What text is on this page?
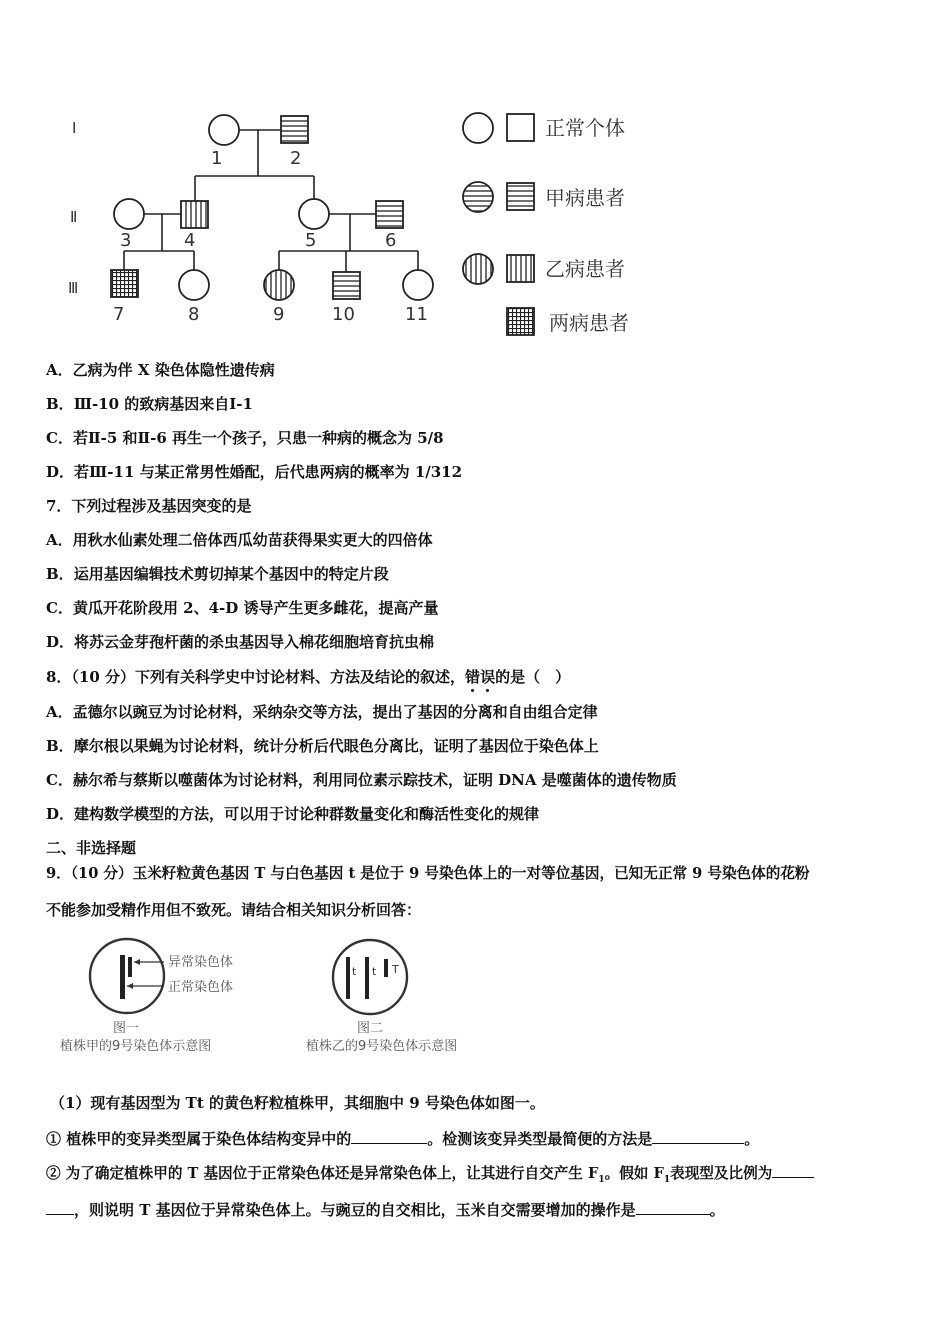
Ⅰ
Ⅱ
Ⅲ
1	2
3	4	5	6
7	8	9	10	11
正常个体
甲病患者
乙病患者
两病患者
A．乙病为伴 X 染色体隐性遗传病
B．Ⅲ-10 的致病基因来自Ⅰ-1
C．若Ⅱ-5 和Ⅱ-6 再生一个孩子，只患一种病的概念为 5/8
D．若Ⅲ-11 与某正常男性婚配，后代患两病的概率为 1/312
7．下列过程涉及基因突变的是
A．用秋水仙素处理二倍体西瓜幼苗获得果实更大的四倍体
B．运用基因编辑技术剪切掉某个基因中的特定片段
C．黄瓜开花阶段用 2、4-D 诱导产生更多雌花，提高产量
D．将苏云金芽孢杆菌的杀虫基因导入棉花细胞培育抗虫棉
8．（10 分）下列有关科学史中讨论材料、方法及结论的叙述，错误的是（　）
A．孟德尔以豌豆为讨论材料，采纳杂交等方法，提出了基因的分离和自由组合定律
B．摩尔根以果蝇为讨论材料，统计分析后代眼色分离比，证明了基因位于染色体上
C．赫尔希与蔡斯以噬菌体为讨论材料，利用同位素示踪技术，证明 DNA 是噬菌体的遗传物质
D．建构数学模型的方法，可以用于讨论种群数量变化和酶活性变化的规律
二、非选择题
9．（10 分）玉米籽粒黄色基因 T 与白色基因 t 是位于 9 号染色体上的一对等位基因，已知无正常 9 号染色体的花粉
不能参加受精作用但不致死。请结合相关知识分析回答：
异常染色体
正常染色体
图一
植株甲的9号染色体示意图
t t T
图二
植株乙的9号染色体示意图
（1）现有基因型为 Tt 的黄色籽粒植株甲，其细胞中 9 号染色体如图一。
① 植株甲的变异类型属于染色体结构变异中的	。检测该变异类型最简便的方法是	。
② 为了确定植株甲的 T 基因位于正常染色体还是异常染色体上，让其进行自交产生 $F_1$。假如 $F_1$表现型及比例为
，则说明 T 基因位于异常染色体上。与豌豆的自交相比，玉米自交需要增加的操作是	。
